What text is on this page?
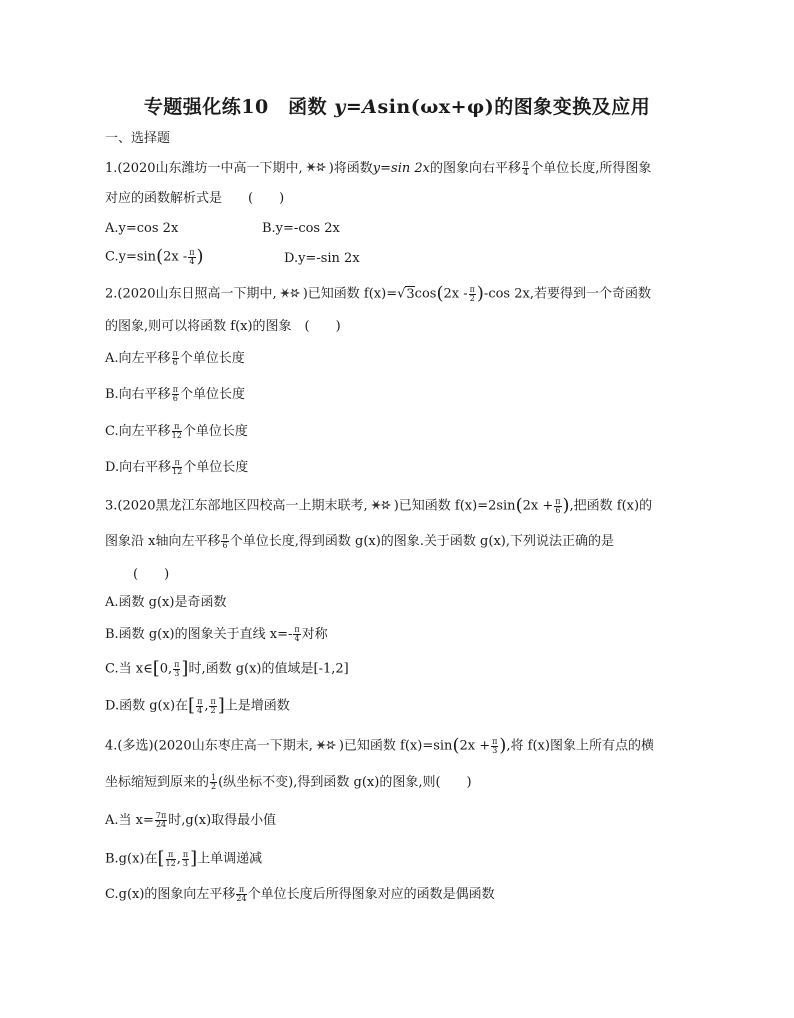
专题强化练10　函数 y=Asin(ωx+φ)的图象变换及应用
一、选择题
1.(2020山东潍坊一中高一下期中, )将函数y=sin 2x的图象向右平移 $\frac{\pi}{4}$ 个单位长度,所得图象
对应的函数解析式是　　(　　)
A.y=cos 2x	B.y=-cos 2x
$C.y=\sin(2x - \frac{\pi}{4}$ )	D.y=-sin 2x
2.(2020山东日照高一下期中, )已知函数 $f(x)=√3\cos(2x - \frac{\pi}{2} )-\cos$ 2x,若要得到一个奇函数
的图象,则可以将函数 f(x)的图象　(　　)
A.向左平移 $\frac{\pi}{6}$ 个单位长度
B.向右平移 $\frac{\pi}{6}$ 个单位长度
C.向左平移 $\frac{\pi}{12}$ 个单位长度
D.向右平移 $\frac{\pi}{12}$ 个单位长度
3.(2020黑龙江东部地区四校高一上期末联考, )已知函数 $f(x)=2\sin(2x + \frac{\pi}{6}$ ),把函数 f(x)的
图象沿 x轴向左平移 $\frac{\pi}{6}$ 个单位长度,得到函数 g(x)的图象.关于函数 g(x),下列说法正确的是
(　　)
A.函数 g(x)是奇函数
B.函数 g(x)的图象关于直线 $x=- \frac{\pi}{4}$ 对称
C.当 x∈[0, $\frac{\pi}{3}$ ]时,函数 g(x)的值域是[-1,2]
D.函数 g(x)在[ $\frac{\pi}{4}$ , $\frac{\pi}{2}$ ]上是增函数
4.(多选)(2020山东枣庄高一下期末, )已知函数 $f(x)=\sin(2x + \frac{\pi}{3}$ ),将 f(x)图象上所有点的横
坐标缩短到原来的 $\frac{1}{2}$ (纵坐标不变),得到函数 g(x)的图象,则(　　)
A.当 $x= \frac{7\pi}{24}$ 时,g(x)取得最小值
B.g(x)在[ $\frac{\pi}{12}$ , $\frac{\pi}{3}$ ]上单调递减
C.g(x)的图象向左平移 $\frac{\pi}{24}$ 个单位长度后所得图象对应的函数是偶函数
